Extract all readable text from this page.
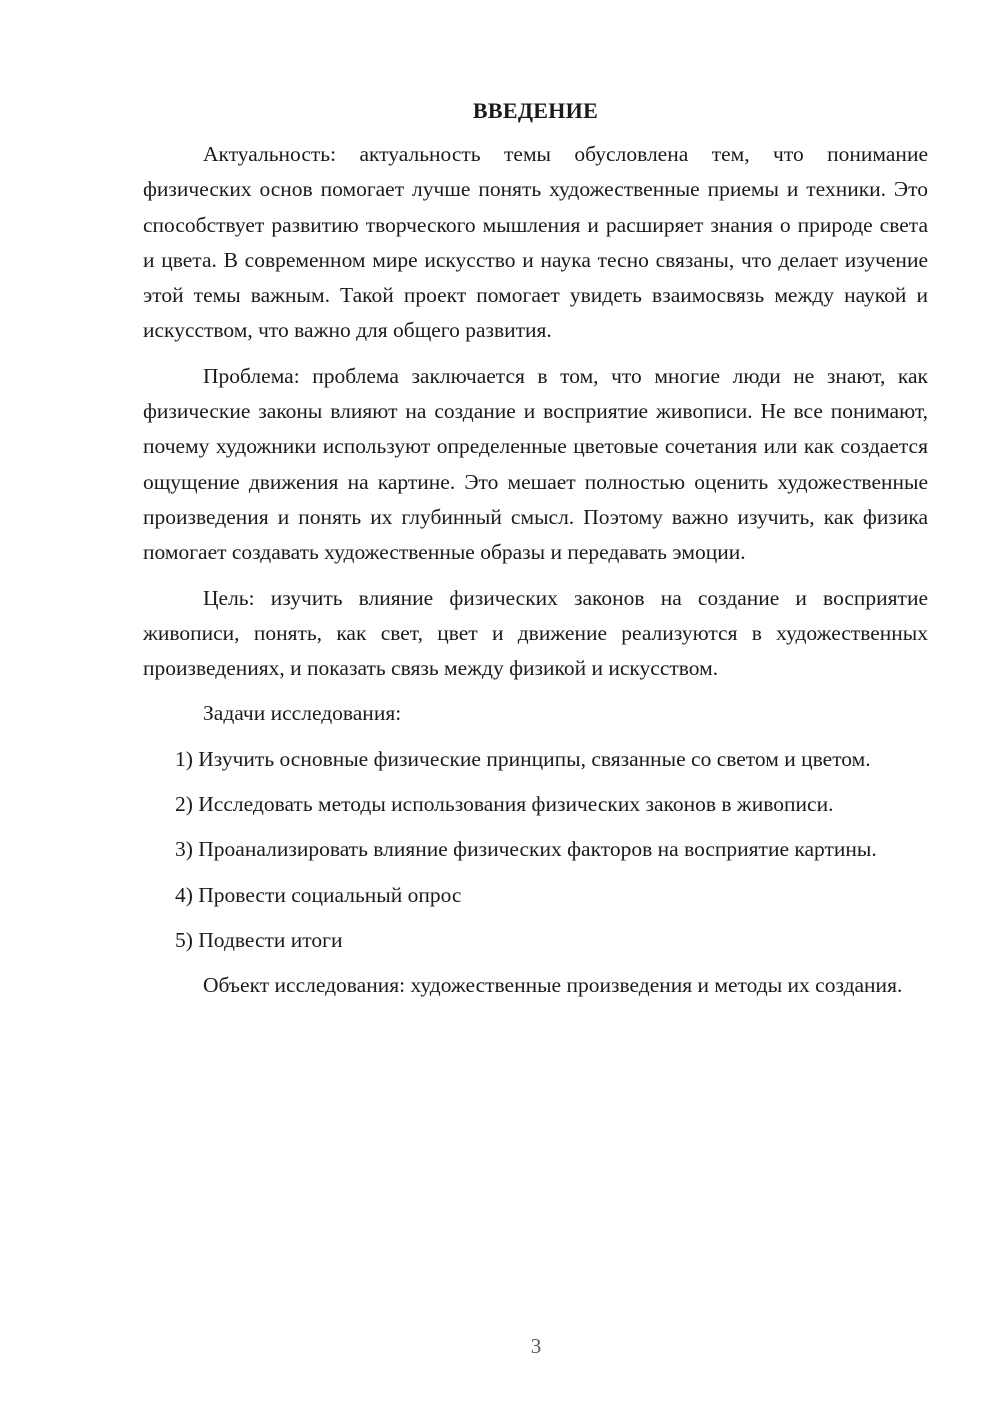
ВВЕДЕНИЕ

Актуальность: актуальность темы обусловлена тем, что понимание физических основ помогает лучше понять художественные приемы и техники. Это способствует развитию творческого мышления и расширяет знания о природе света и цвета. В современном мире искусство и наука тесно связаны, что делает изучение этой темы важным. Такой проект помогает увидеть взаимосвязь между наукой и искусством, что важно для общего развития.

Проблема: проблема заключается в том, что многие люди не знают, как физические законы влияют на создание и восприятие живописи. Не все понимают, почему художники используют определенные цветовые сочетания или как создается ощущение движения на картине. Это мешает полностью оценить художественные произведения и понять их глубинный смысл. Поэтому важно изучить, как физика помогает создавать художественные образы и передавать эмоции.

Цель: изучить влияние физических законов на создание и восприятие живописи, понять, как свет, цвет и движение реализуются в художественных произведениях, и показать связь между физикой и искусством.

Задачи исследования:

1) Изучить основные физические принципы, связанные со светом и цветом.

2) Исследовать методы использования физических законов в живописи.

3) Проанализировать влияние физических факторов на восприятие картины.

4) Провести социальный опрос

5) Подвести итоги

Объект исследования: художественные произведения и методы их создания.

3
